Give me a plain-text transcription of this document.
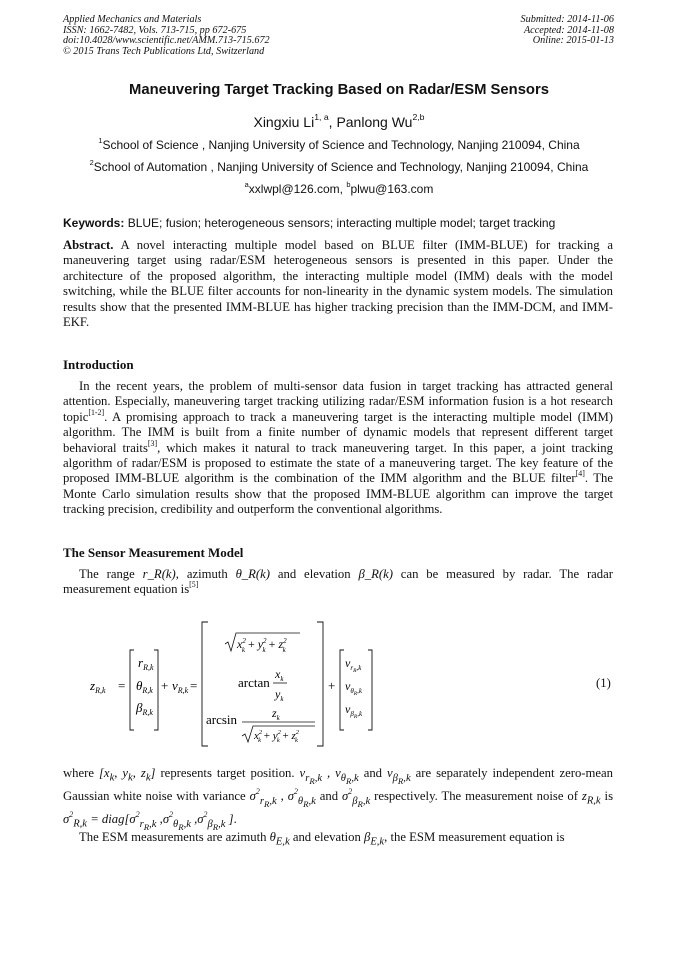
Applied Mechanics and Materials
ISSN: 1662-7482, Vols. 713-715, pp 672-675
doi:10.4028/www.scientific.net/AMM.713-715.672
© 2015 Trans Tech Publications Ltd, Switzerland
Submitted: 2014-11-06
Accepted: 2014-11-08
Online: 2015-01-13
Maneuvering Target Tracking Based on Radar/ESM Sensors
Xingxiu Li$^{1, a}$, Panlong Wu$^{2,b}$
$^1$School of Science , Nanjing University of Science and Technology, Nanjing 210094, China
$^2$School of Automation , Nanjing University of Science and Technology, Nanjing 210094, China
$^a$xxlwpl@126.com, $^b$plwu@163.com
Keywords: BLUE; fusion; heterogeneous sensors; interacting multiple model; target tracking
Abstract. A novel interacting multiple model based on BLUE filter (IMM-BLUE) for tracking a maneuvering target using radar/ESM heterogeneous sensors is presented in this paper. Under the architecture of the proposed algorithm, the interacting multiple model (IMM) deals with the model switching, while the BLUE filter accounts for non-linearity in the dynamic system models. The simulation results show that the presented IMM-BLUE has higher tracking precision than the IMM-DCM, and IMM-EKF.
Introduction
In the recent years, the problem of multi-sensor data fusion in target tracking has attracted general attention. Especially, maneuvering target tracking utilizing radar/ESM information fusion is a hot research topic[1-2]. A promising approach to track a maneuvering target is the interacting multiple model (IMM) algorithm. The IMM is built from a finite number of dynamic models that represent different target behavioral traits[3], which makes it natural to track maneuvering target. In this paper, a joint tracking algorithm of radar/ESM is proposed to estimate the state of a maneuvering target. The key feature of the proposed IMM-BLUE algorithm is the combination of the IMM algorithm and the BLUE filter[4]. The Monte Carlo simulation results show that the proposed IMM-BLUE algorithm can improve the target tracking precision, credibility and outperform the conventional algorithms.
The Sensor Measurement Model
The range r_R(k), azimuth θ_R(k) and elevation β_R(k) can be measured by radar. The radar measurement equation is[5]
$z_{R,k}$ =
$r_{R,k}$
$\theta_{R,k}$
$\beta_{R,k}$
+ $v_{R,k}$ =
$x^2$ $k + y^2$ $k + z^2$ k
arctan
$x_k$
$y_k$
arcsin	$z_k$
$x^2$ $k + y^2$ $k + z^2$ k
+
$v_rR,k$
$v_\theta R,k$
$v_\beta R,k$
(1)
where [$x_k$, $y_k$, $z_k$] represents target position. $v_{r_R,k}$ , $v_{\theta_R,k}$ and $v_{\beta_R,k}$ are separately independent zero-mean Gaussian white noise with variance $\sigma^2_{r_R,k}$ , $\sigma^2_{\theta_R,k}$ and $\sigma^2_{\beta_R,k}$ respectively. The measurement noise of $z_{R,k}$ is $\sigma^2_{R,k}$ = $diag[\sigma^2_{r_R,k}$ $,\sigma^2_{\theta_R,k}$ $,\sigma^2_{\beta_R,k}$ ].
The ESM measurements are azimuth $\theta_{E,k}$ and elevation $\beta_{E,k}$, the ESM measurement equation is
